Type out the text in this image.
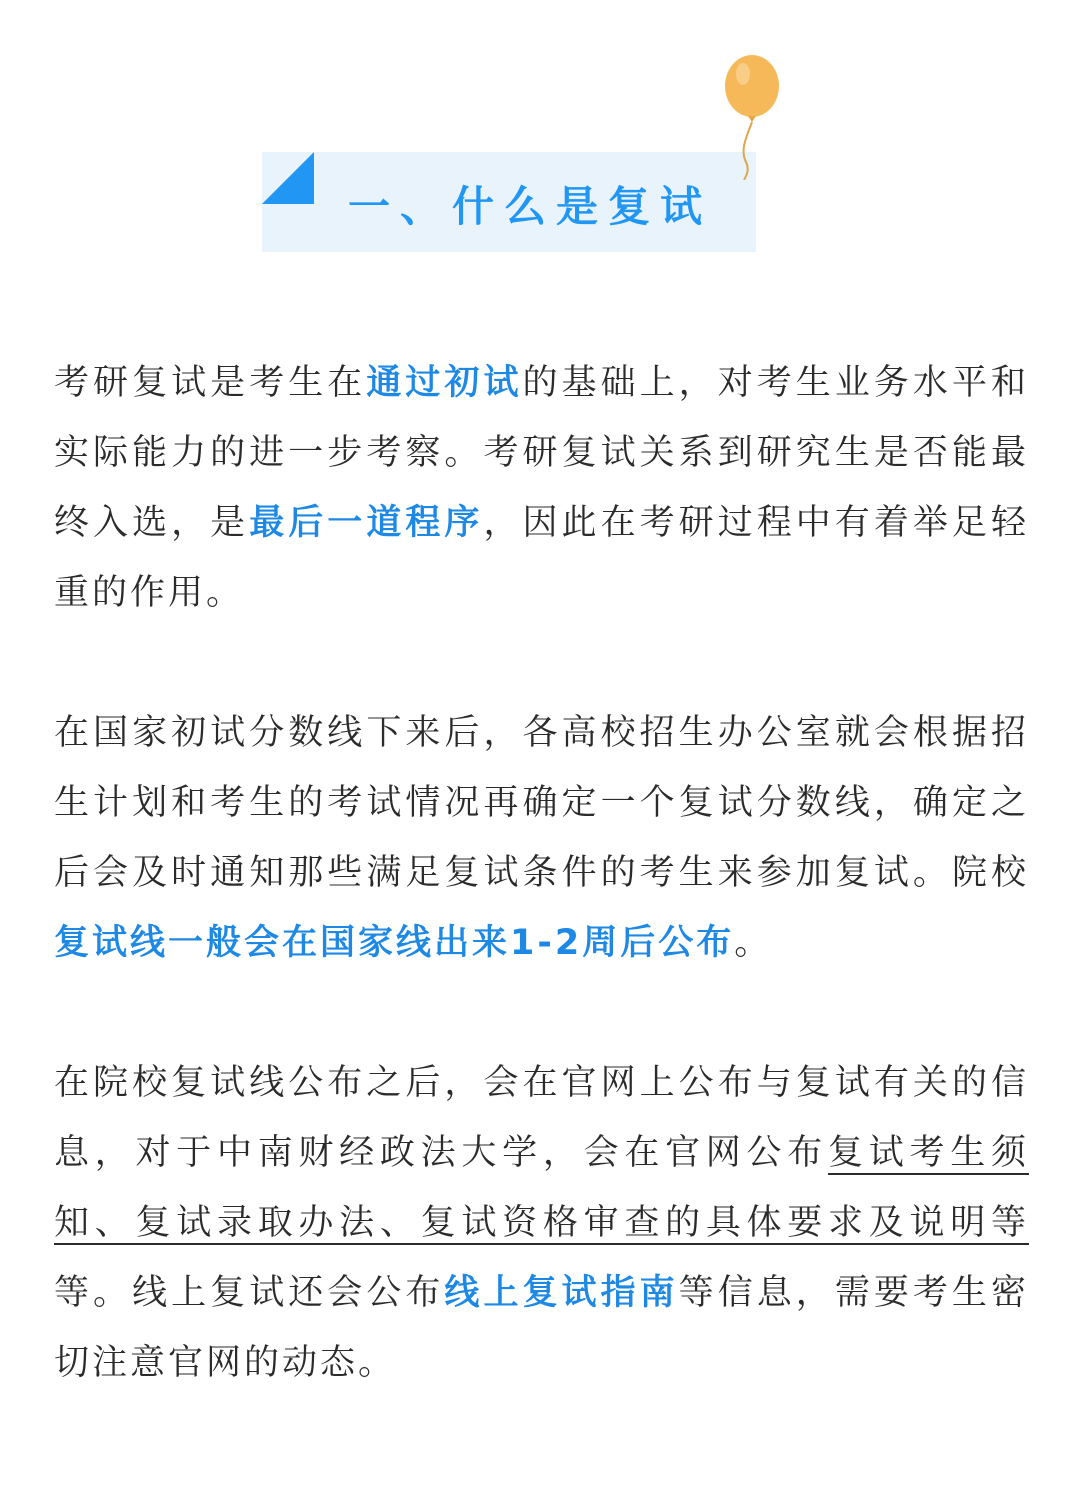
一、什么是复试

考研复试是考生在通过初试的基础上，对考生业务水平和实际能力的进一步考察。考研复试关系到研究生是否能最终入选，是最后一道程序，因此在考研过程中有着举足轻重的作用。

在国家初试分数线下来后，各高校招生办公室就会根据招生计划和考生的考试情况再确定一个复试分数线，确定之后会及时通知那些满足复试条件的考生来参加复试。院校复试线一般会在国家线出来1-2周后公布。

在院校复试线公布之后，会在官网上公布与复试有关的信息，对于中南财经政法大学，会在官网公布复试考生须知、复试录取办法、复试资格审查的具体要求及说明等等。线上复试还会公布线上复试指南等信息，需要考生密切注意官网的动态。
